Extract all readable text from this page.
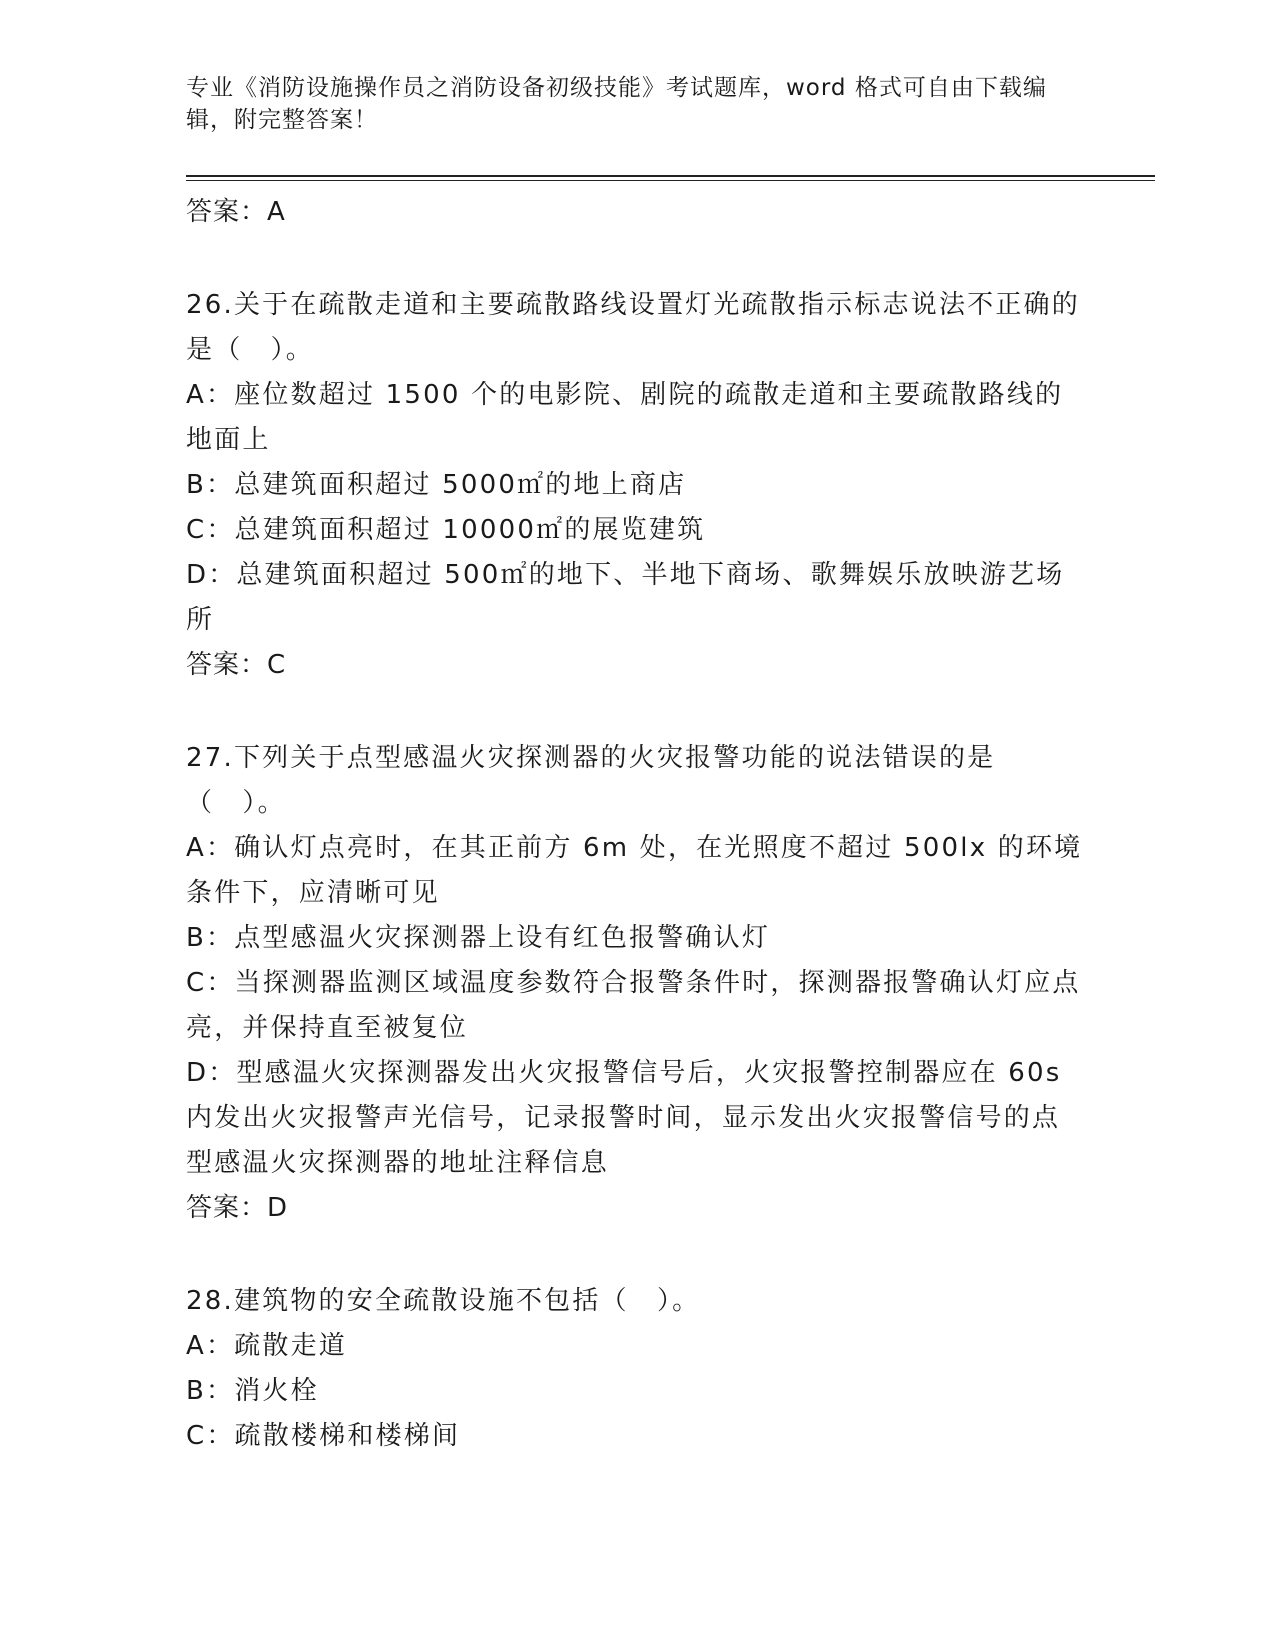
专业《消防设施操作员之消防设备初级技能》考试题库，word 格式可自由下载编辑，附完整答案！
答案：A
26.关于在疏散走道和主要疏散路线设置灯光疏散指示标志说法不正确的是（　）。
A：座位数超过 1500 个的电影院、剧院的疏散走道和主要疏散路线的地面上
B：总建筑面积超过 5000㎡的地上商店
C：总建筑面积超过 10000㎡的展览建筑
D：总建筑面积超过 500㎡的地下、半地下商场、歌舞娱乐放映游艺场所
答案：C
27.下列关于点型感温火灾探测器的火灾报警功能的说法错误的是（　）。
A：确认灯点亮时，在其正前方 6m 处，在光照度不超过 500lx 的环境条件下，应清晰可见
B：点型感温火灾探测器上设有红色报警确认灯
C：当探测器监测区域温度参数符合报警条件时，探测器报警确认灯应点亮，并保持直至被复位
D：型感温火灾探测器发出火灾报警信号后，火灾报警控制器应在 60s 内发出火灾报警声光信号，记录报警时间，显示发出火灾报警信号的点型感温火灾探测器的地址注释信息
答案：D
28.建筑物的安全疏散设施不包括（　）。
A：疏散走道
B：消火栓
C：疏散楼梯和楼梯间
